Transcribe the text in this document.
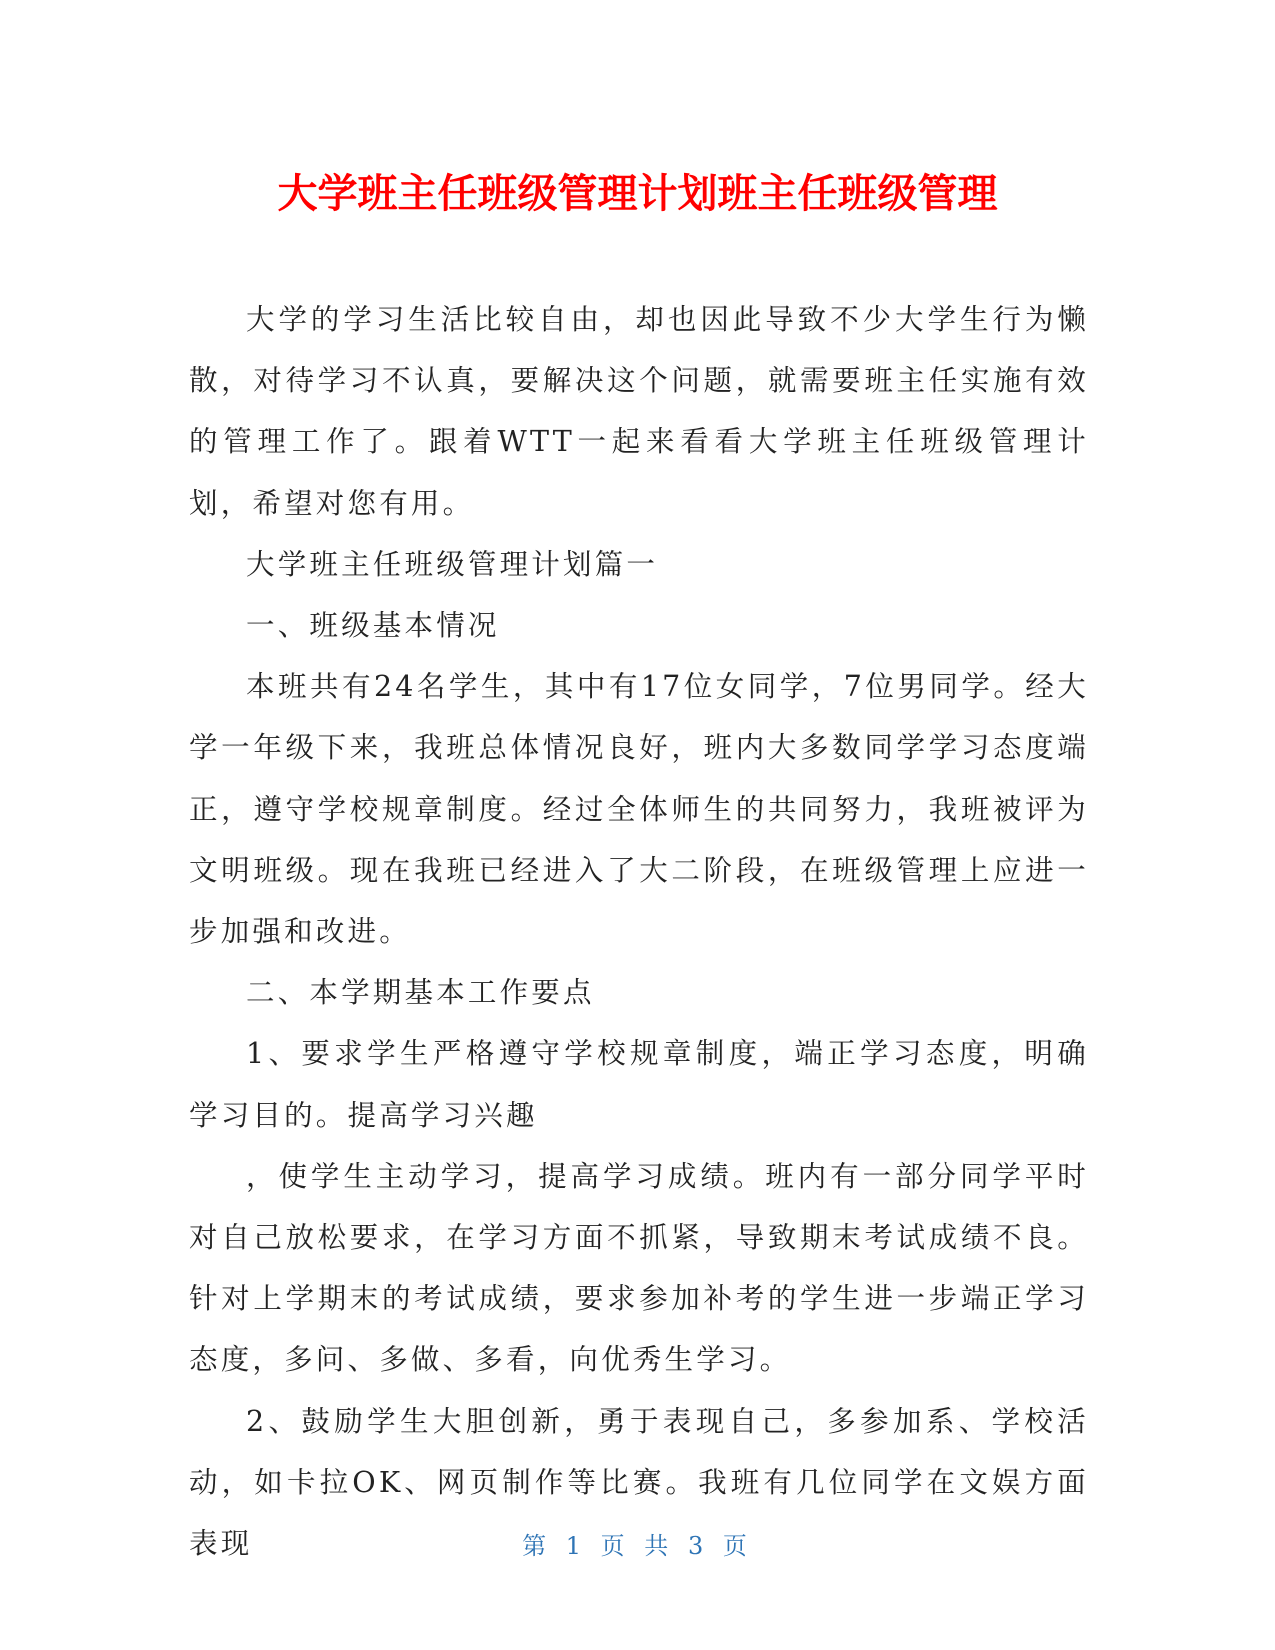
大学班主任班级管理计划班主任班级管理

大学的学习生活比较自由，却也因此导致不少大学生行为懒散，对待学习不认真，要解决这个问题，就需要班主任实施有效的管理工作了。跟着WTT一起来看看大学班主任班级管理计划，希望对您有用。

大学班主任班级管理计划篇一

一、班级基本情况

本班共有24名学生，其中有17位女同学，7位男同学。经大学一年级下来，我班总体情况良好，班内大多数同学学习态度端正，遵守学校规章制度。经过全体师生的共同努力，我班被评为文明班级。现在我班已经进入了大二阶段，在班级管理上应进一步加强和改进。

二、本学期基本工作要点

1、要求学生严格遵守学校规章制度，端正学习态度，明确学习目的。提高学习兴趣

，使学生主动学习，提高学习成绩。班内有一部分同学平时对自己放松要求，在学习方面不抓紧，导致期末考试成绩不良。针对上学期末的考试成绩，要求参加补考的学生进一步端正学习态度，多问、多做、多看，向优秀生学习。

2、鼓励学生大胆创新，勇于表现自己，多参加系、学校活动，如卡拉OK、网页制作等比赛。我班有几位同学在文娱方面表现	第 1 页 共 3 页
